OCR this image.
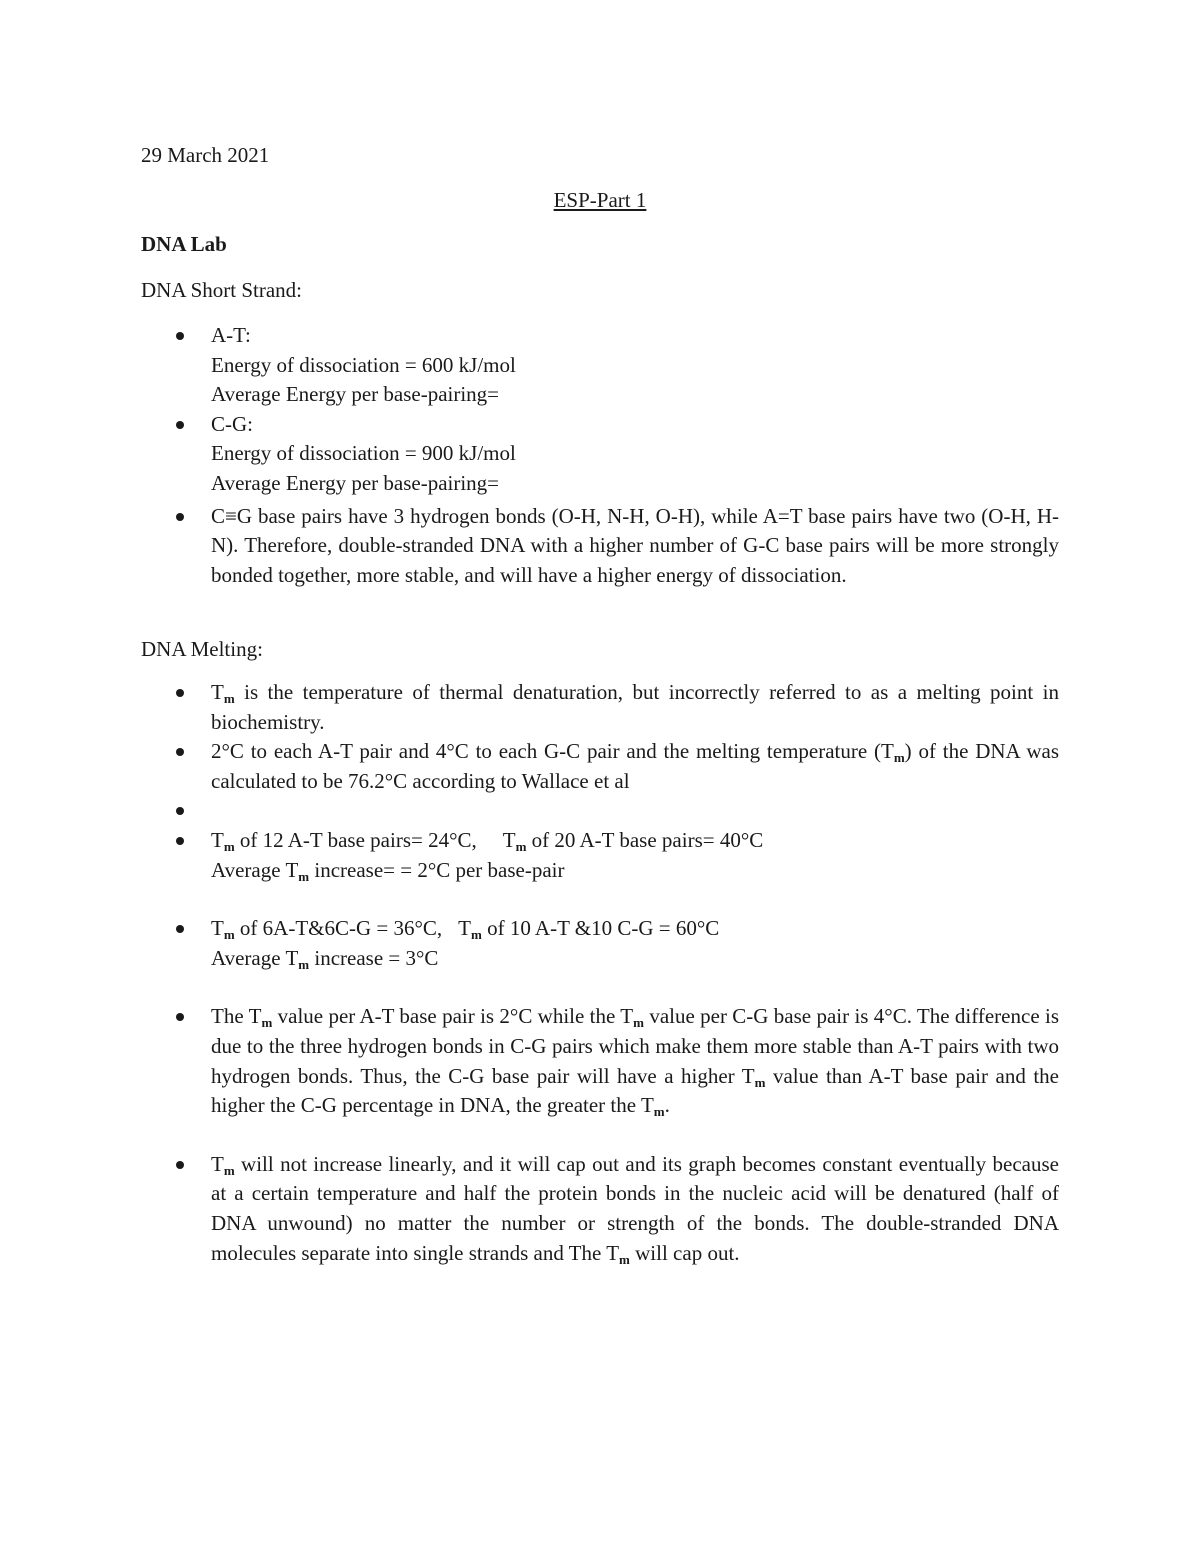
29 March 2021
ESP-Part 1
DNA Lab
DNA Short Strand:
A-T:
Energy of dissociation = 600 kJ/mol
Average Energy per base-pairing=
C-G:
Energy of dissociation = 900 kJ/mol
Average Energy per base-pairing=
C≡G base pairs have 3 hydrogen bonds (O-H, N-H, O-H), while A=T base pairs have two (O-H, H-N). Therefore, double-stranded DNA with a higher number of G-C base pairs will be more strongly bonded together, more stable, and will have a higher energy of dissociation.
DNA Melting:
$T_m$ is the temperature of thermal denaturation, but incorrectly referred to as a melting point in biochemistry.
2°C to each A-T pair and 4°C to each G-C pair and the melting temperature $(T_m)$ of the DNA was calculated to be 76.2°C according to Wallace et al

$T_m$ of 12 A-T base pairs= 24°C, $T_m$ of 20 A-T base pairs= 40°C
Average $T_m$ increase= = 2°C per base-pair
$T_m$ of 6A-T&6C-G = 36°C, $T_m$ of 10 A-T &10 C-G = 60°C
Average $T_m$ increase = 3°C
The $T_m$ value per A-T base pair is 2°C while the $T_m$ value per C-G base pair is 4°C. The difference is due to the three hydrogen bonds in C-G pairs which make them more stable than A-T pairs with two hydrogen bonds. Thus, the C-G base pair will have a higher $T_m$ value than A-T base pair and the higher the C-G percentage in DNA, the greater the $T_m$.
$T_m$ will not increase linearly, and it will cap out and its graph becomes constant eventually because at a certain temperature and half the protein bonds in the nucleic acid will be denatured (half of DNA unwound) no matter the number or strength of the bonds. The double-stranded DNA molecules separate into single strands and The $T_m$ will cap out.
